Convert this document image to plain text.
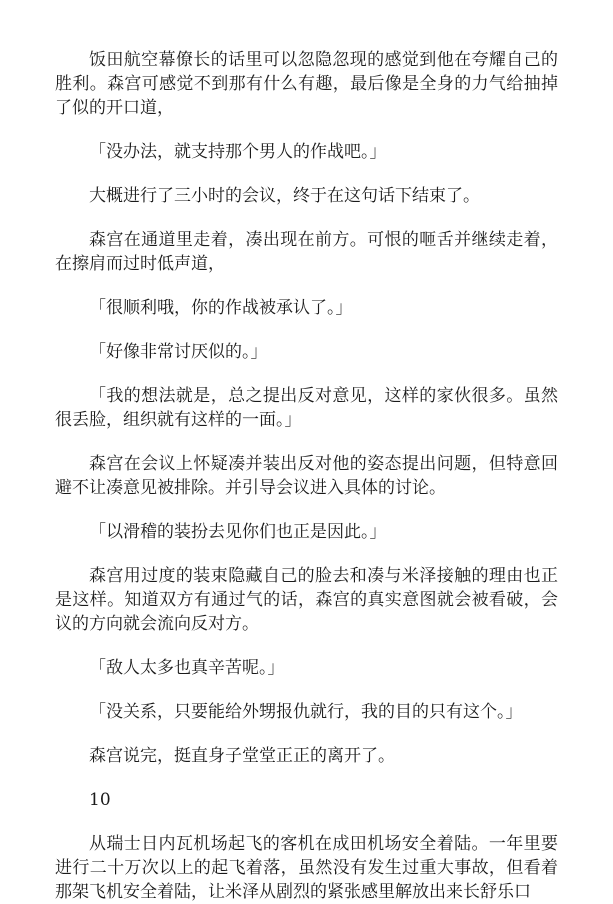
饭田航空幕僚长的话里可以忽隐忽现的感觉到他在夸耀自己的胜利。森宫可感觉不到那有什么有趣，最后像是全身的力气给抽掉了似的开口道，

「没办法，就支持那个男人的作战吧。」

大概进行了三小时的会议，终于在这句话下结束了。

森宫在通道里走着，凑出现在前方。可恨的咂舌并继续走着，在擦肩而过时低声道，

「很顺利哦，你的作战被承认了。」

「好像非常讨厌似的。」

「我的想法就是，总之提出反对意见，这样的家伙很多。虽然很丢脸，组织就有这样的一面。」

森宫在会议上怀疑凑并装出反对他的姿态提出问题，但特意回避不让凑意见被排除。并引导会议进入具体的讨论。

「以滑稽的装扮去见你们也正是因此。」

森宫用过度的装束隐藏自己的脸去和凑与米泽接触的理由也正是这样。知道双方有通过气的话，森宫的真实意图就会被看破，会议的方向就会流向反对方。

「敌人太多也真辛苦呢。」

「没关系，只要能给外甥报仇就行，我的目的只有这个。」

森宫说完，挺直身子堂堂正正的离开了。

10

从瑞士日内瓦机场起飞的客机在成田机场安全着陆。一年里要进行二十万次以上的起飞着落，虽然没有发生过重大事故，但看着那架飞机安全着陆，让米泽从剧烈的紧张感里解放出来长舒乐口
